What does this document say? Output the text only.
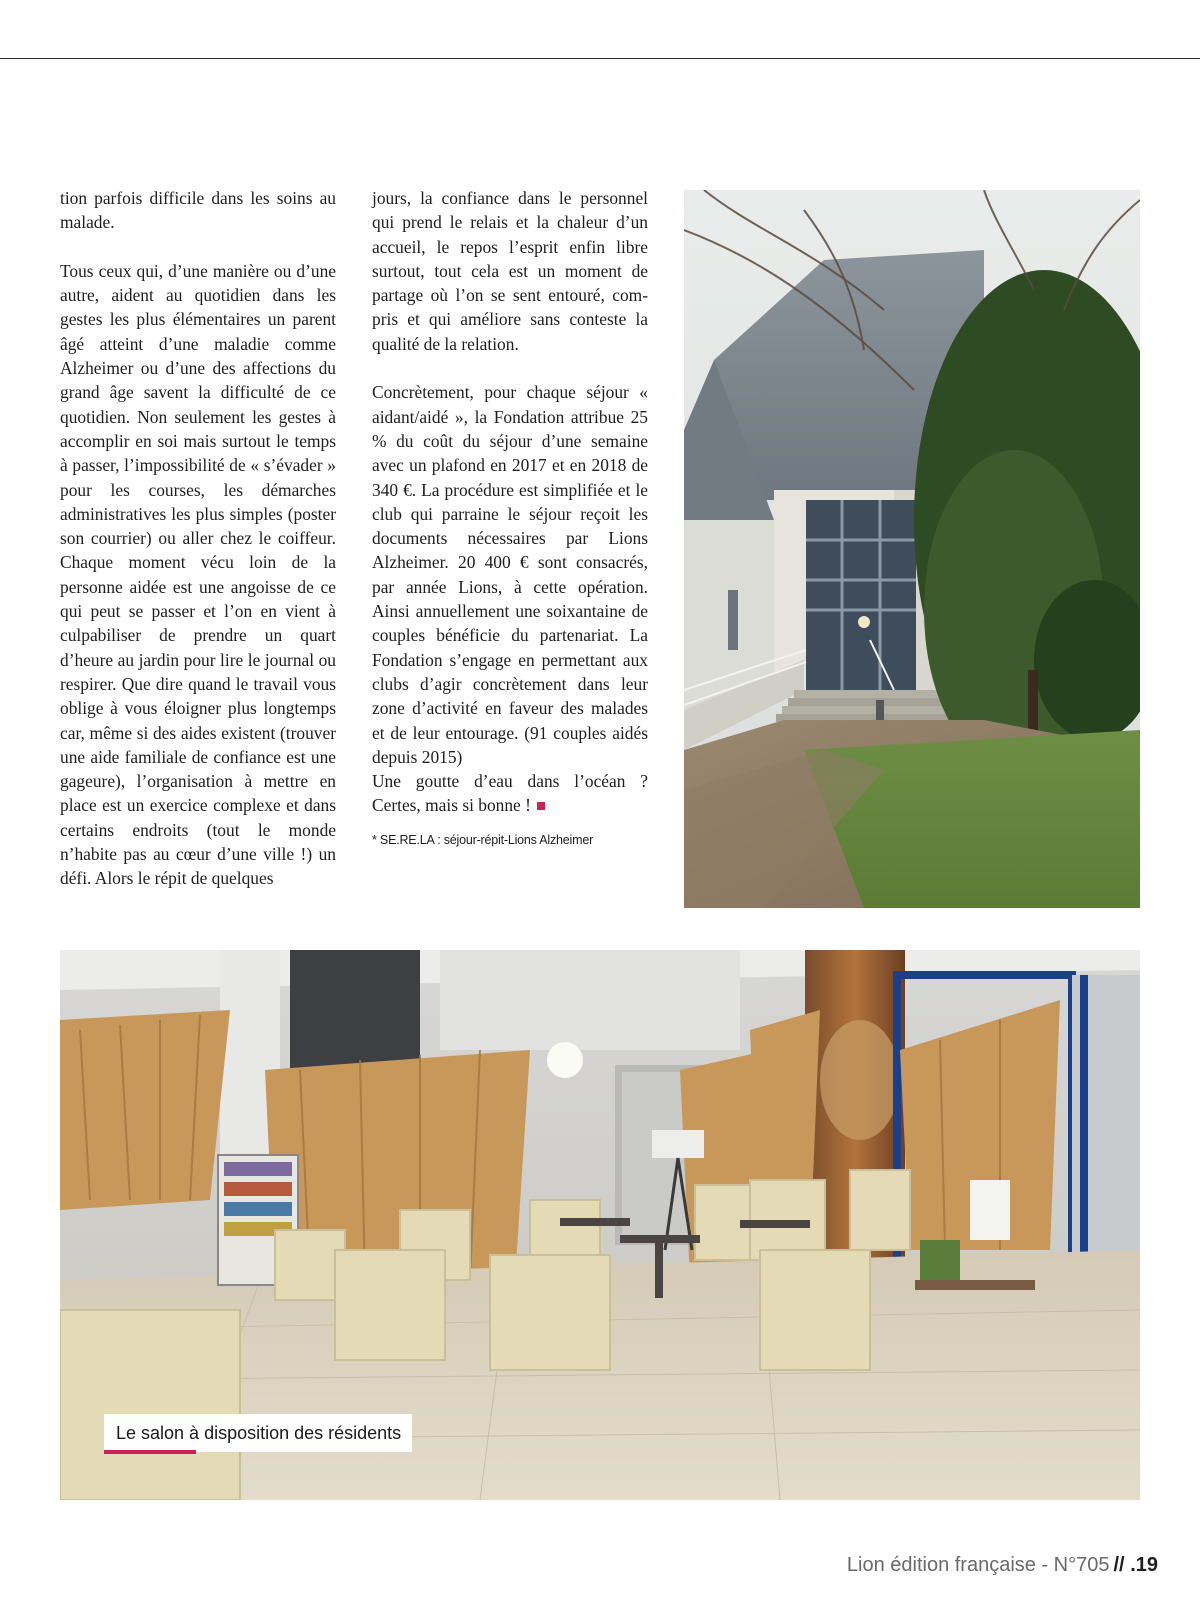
tion parfois difficile dans les soins au malade.

Tous ceux qui, d’une manière ou d’une autre, aident au quotidien dans les gestes les plus élémentaires un parent âgé atteint d’une maladie comme Alzheimer ou d’une des affections du grand âge savent la difficulté de ce quotidien. Non seulement les gestes à accomplir en soi mais surtout le temps à passer, l’impossibilité de « s’évader » pour les courses, les démarches administratives les plus simples (poster son courrier) ou aller chez le coiffeur. Chaque moment vécu loin de la personne aidée est une angoisse de ce qui peut se passer et l’on en vient à culpabiliser de prendre un quart d’heure au jardin pour lire le journal ou respirer. Que dire quand le travail vous oblige à vous éloigner plus longtemps car, même si des aides existent (trouver une aide familiale de confiance est une gageure), l’organisation à mettre en place est un exercice complexe et dans certains endroits (tout le monde n’habite pas au cœur d’une ville !) un défi. Alors le répit de quelques

jours, la confiance dans le personnel qui prend le relais et la chaleur d’un accueil, le repos l’esprit enfin libre surtout, tout cela est un moment de partage où l’on se sent entouré, compris et qui améliore sans conteste la qualité de la relation.

Concrètement, pour chaque séjour « aidant/aidé », la Fondation attribue 25 % du coût du séjour d’une semaine avec un plafond en 2017 et en 2018 de 340 €. La procédure est simplifiée et le club qui parraine le séjour reçoit les documents nécessaires par Lions Alzheimer. 20 400 € sont consacrés, par année Lions, à cette opération. Ainsi annuellement une soixantaine de couples bénéficie du partenariat. La Fondation s’engage en permettant aux clubs d’agir concrètement dans leur zone d’activité en faveur des malades et de leur entourage. (91 couples aidés depuis 2015)

Une goutte d’eau dans l’océan ? Certes, mais si bonne !

* SE.RE.LA : séjour-répit-Lions Alzheimer

Le salon à disposition des résidents
Lion édition française - N°705 // .19
